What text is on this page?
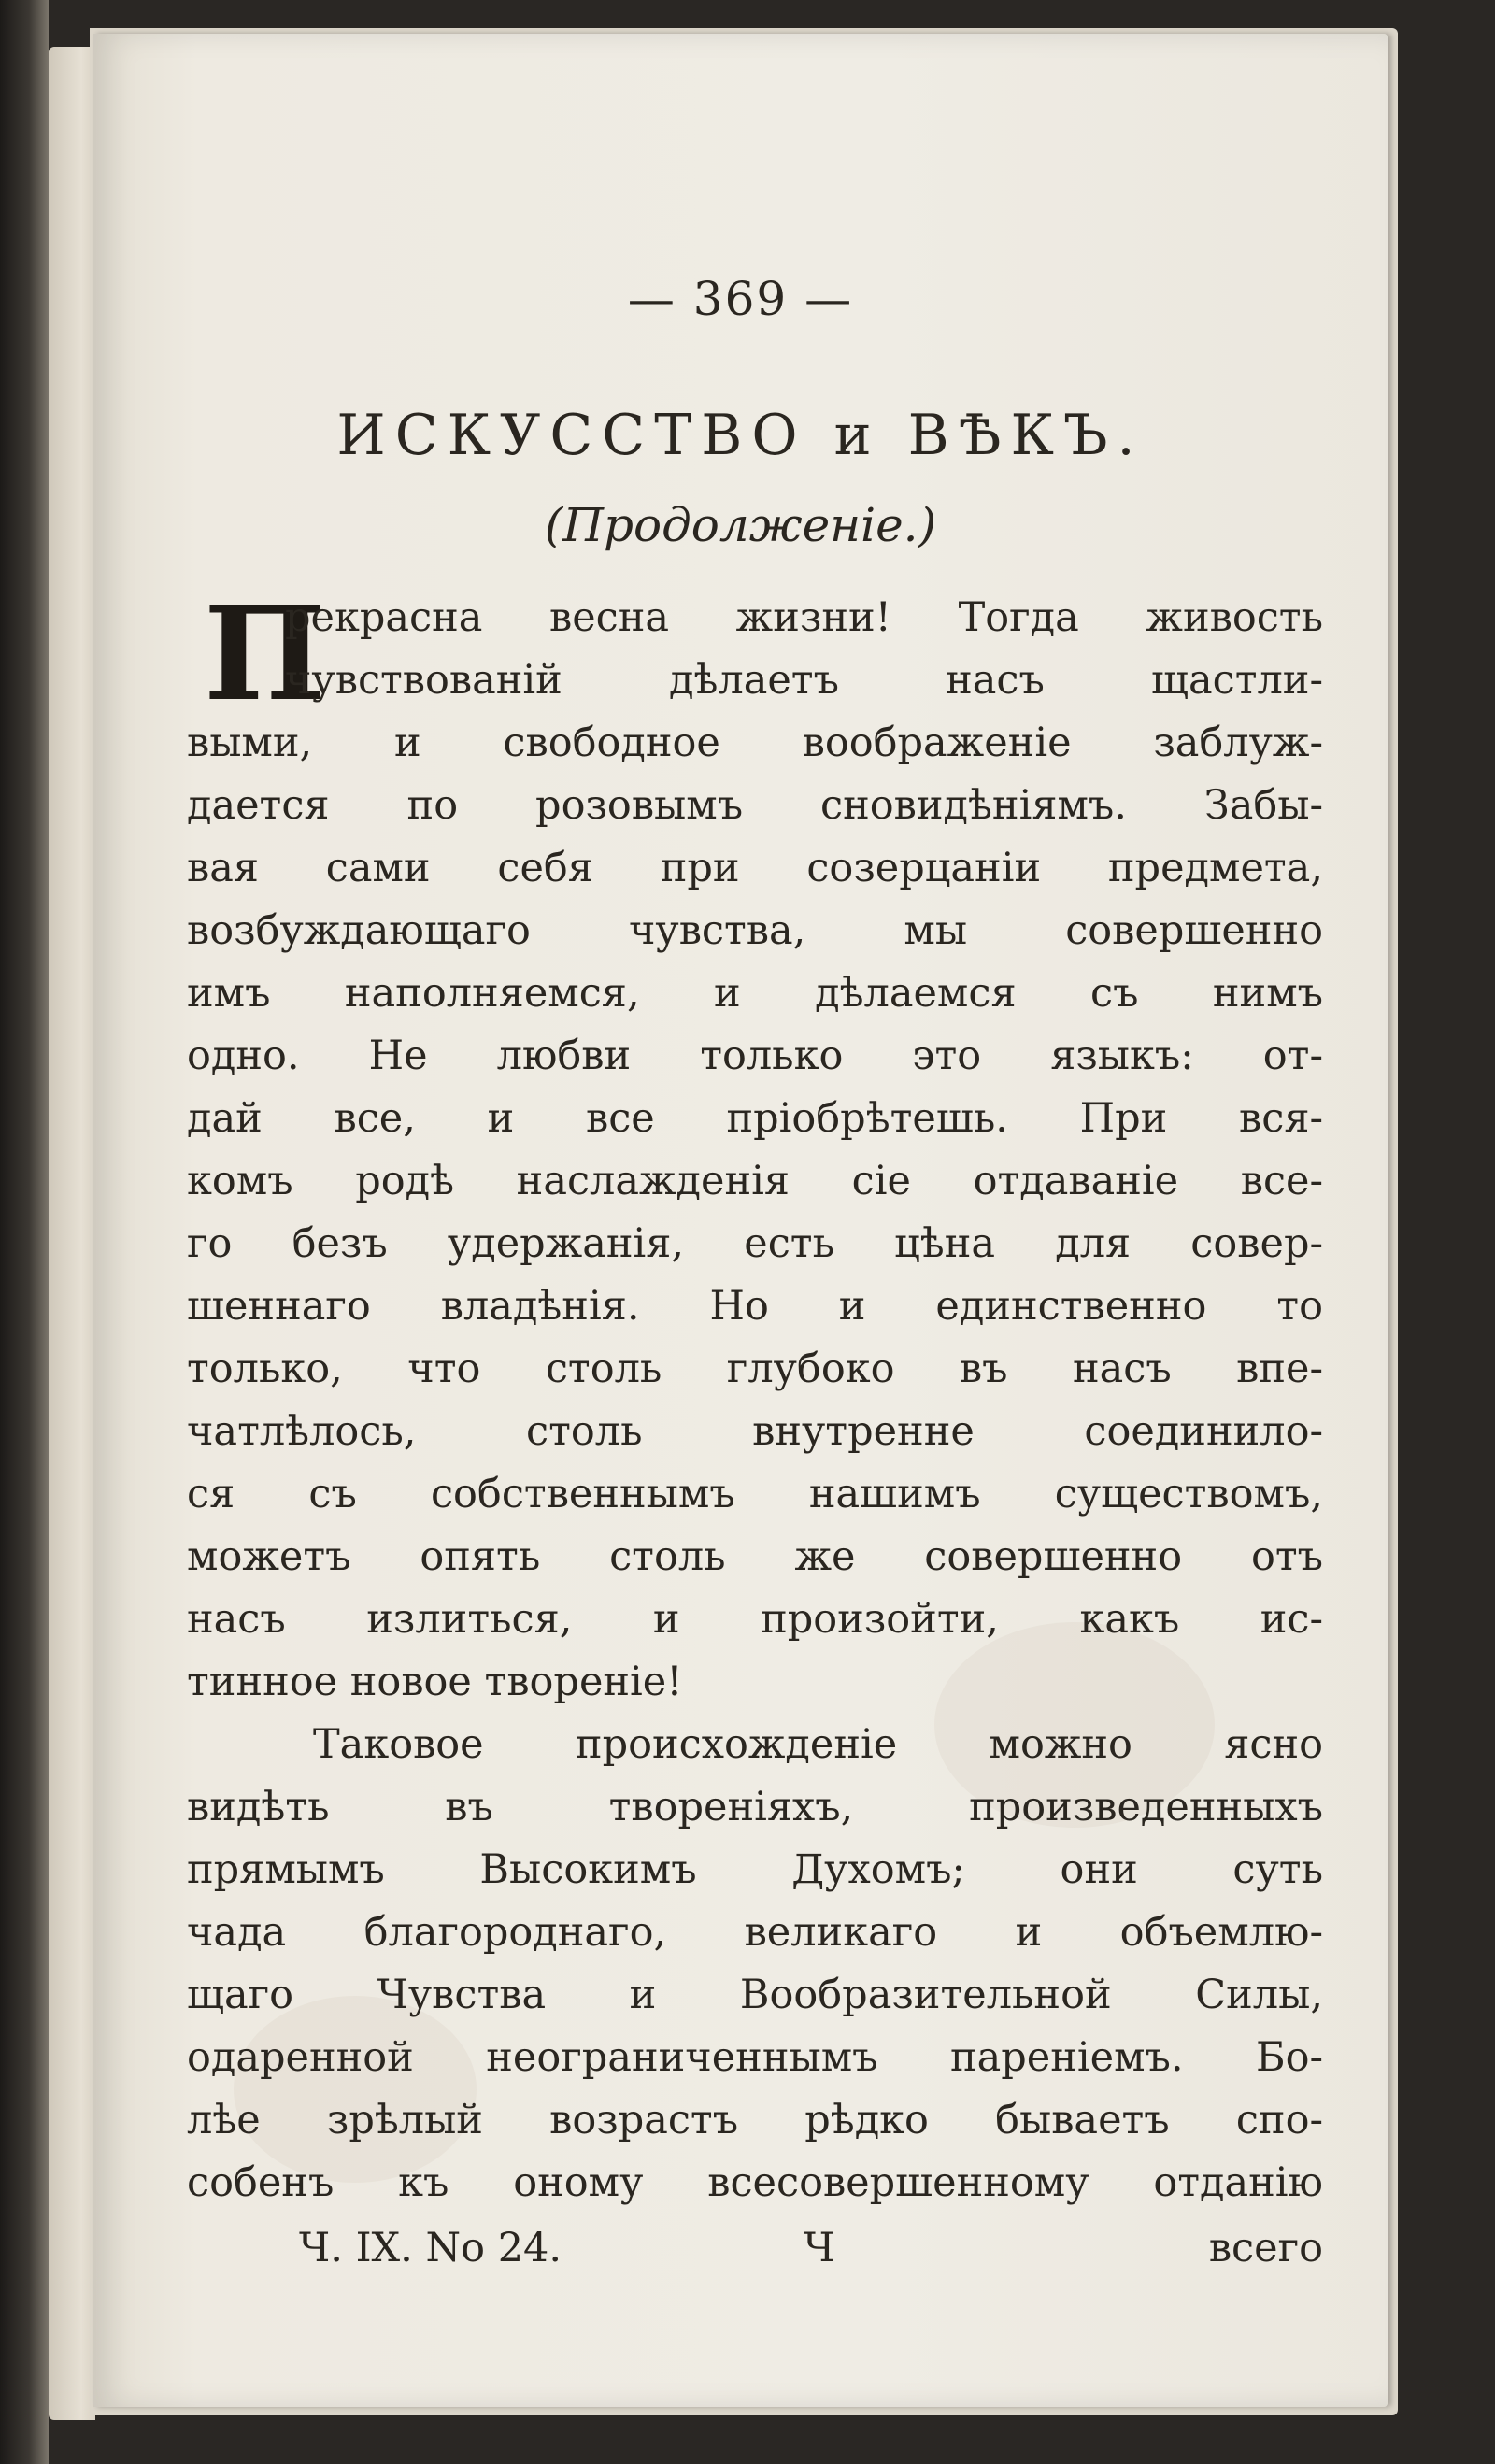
— 369 —
ИСКУССТВО и ВѢКЪ.
(Продолженiе.)
П
рекрасна весна жизни! Тогда живость
чувствованiй дѣлаетъ насъ щастли-
выми, и свободное воображенiе заблуж-
дается по розовымъ сновидѣнiямъ. Забы-
вая сами себя при созерцанiи предмета,
возбуждающаго чувства, мы совершенно
имъ наполняемся, и дѣлаемся съ нимъ
одно. Не любви только это языкъ: от-
дай все, и все прiобрѣтешь. При вся-
комъ родѣ наслажденiя сiе отдаванiе все-
го безъ удержанiя, есть цѣна для совер-
шеннаго владѣнiя. Но и единственно то
только, что столь глубоко въ насъ впе-
чатлѣлось, столь внутренне соединило-
ся съ собственнымъ нашимъ существомъ,
можетъ опять столь же совершенно отъ
насъ излиться, и произойти, какъ ис-
тинное новое творенiе!
Таковое происхожденiе можно ясно
видѣть въ творенiяхъ, произведенныхъ
прямымъ Высокимъ Духомъ; они суть
чада благороднаго, великаго и объемлю-
щаго Чувства и Вообразительной Силы,
одаренной неограниченнымъ паренiемъ. Бо-
лѣе зрѣлый возрастъ рѣдко бываетъ спо-
собенъ къ оному всесовершенному отданiю
Ч. IX. No 24.	Ч	всего
